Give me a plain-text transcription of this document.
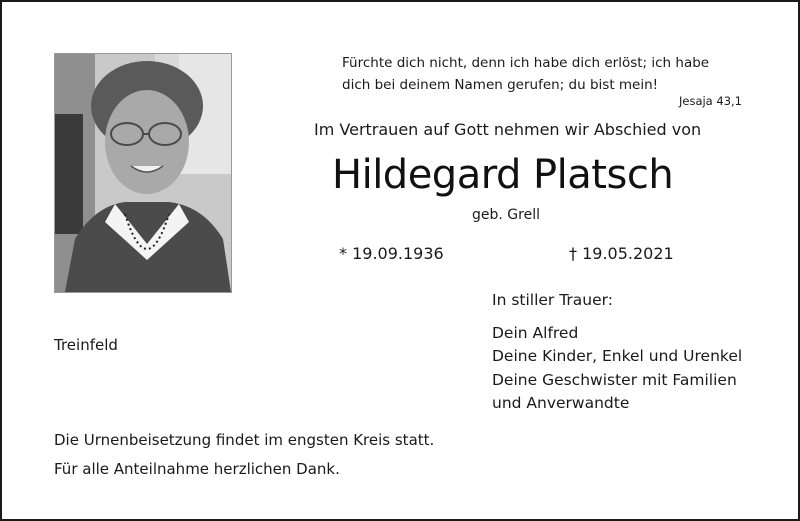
Fürchte dich nicht, denn ich habe dich erlöst; ich habe
dich bei deinem Namen gerufen; du bist mein!
Jesaja 43,1
Im Vertrauen auf Gott nehmen wir Abschied von
Hildegard Platsch
geb. Grell
* 19.09.1936	† 19.05.2021
Treinfeld
In stiller Trauer:
Dein Alfred
Deine Kinder, Enkel und Urenkel
Deine Geschwister mit Familien
und Anverwandte
Die Urnenbeisetzung findet im engsten Kreis statt.
Für alle Anteilnahme herzlichen Dank.
